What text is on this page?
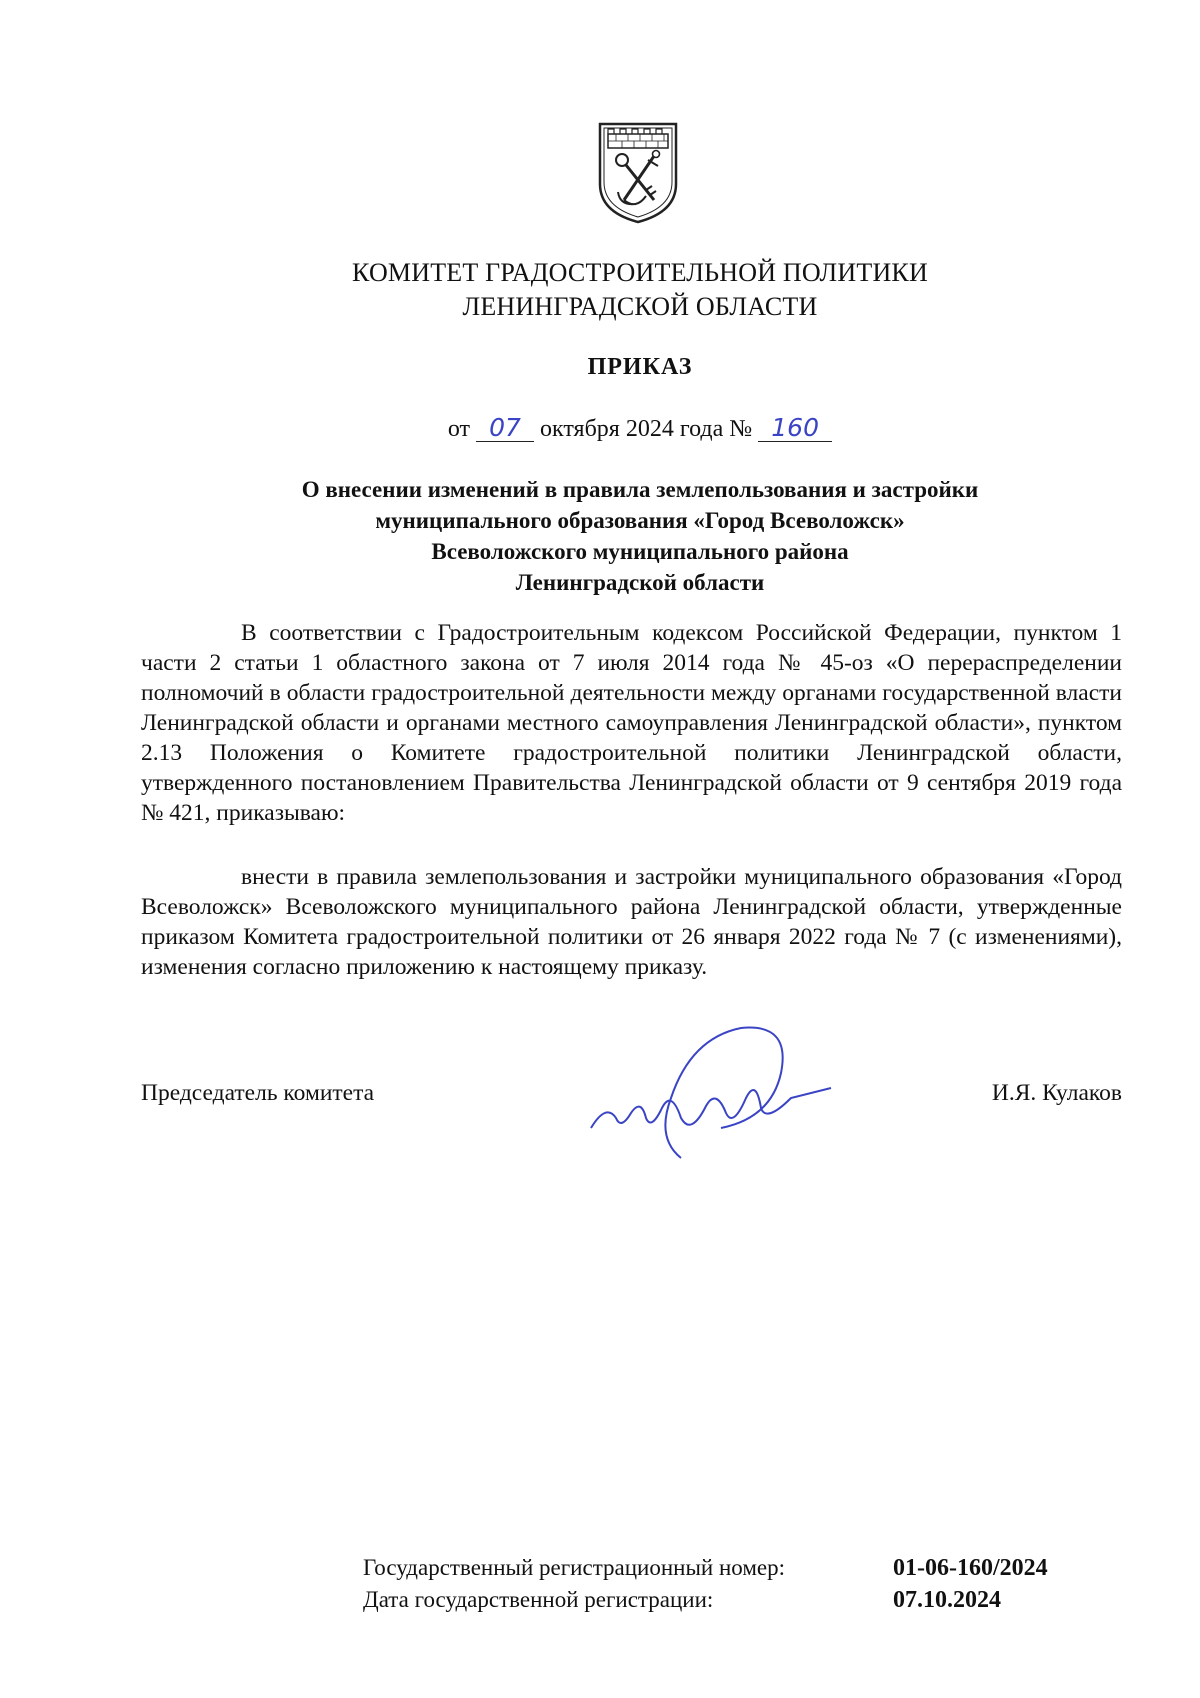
КОМИТЕТ ГРАДОСТРОИТЕЛЬНОЙ ПОЛИТИКИ
ЛЕНИНГРАДСКОЙ ОБЛАСТИ
ПРИКАЗ
от 07 октября 2024 года № 160
О внесении изменений в правила землепользования и застройки
муниципального образования «Город Всеволожск»
Всеволожского муниципального района
Ленинградской области

В соответствии с Градостроительным кодексом Российской Федерации, пунктом 1 части 2 статьи 1 областного закона от 7 июля 2014 года № 45-оз «О перераспределении полномочий в области градостроительной деятельности между органами государственной власти Ленинградской области и органами местного самоуправления Ленинградской области», пунктом 2.13 Положения о Комитете градостроительной политики Ленинградской области, утвержденного постановлением Правительства Ленинградской области от 9 сентября 2019 года № 421, приказываю:

внести в правила землепользования и застройки муниципального образования «Город Всеволожск» Всеволожского муниципального района Ленинградской области, утвержденные приказом Комитета градостроительной политики от 26 января 2022 года № 7 (с изменениями), изменения согласно приложению к настоящему приказу.

Председатель комитета	И.Я. Кулаков
Государственный регистрационный номер:	01-06-160/2024
Дата государственной регистрации:	07.10.2024
